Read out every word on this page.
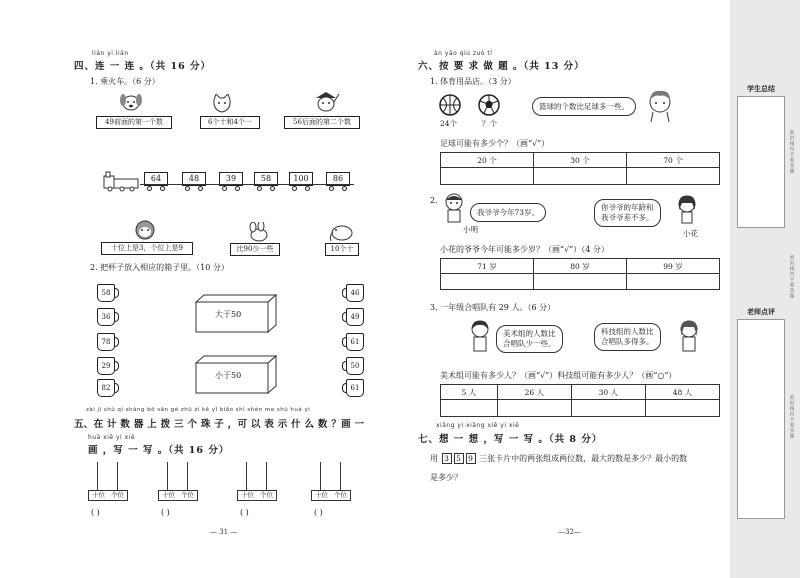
lián yi lián
四、连 一 连 。（共 16 分）
1. 乘火车。（6 分）
49前面的第一个数	6个十和4个一	56后面的第二个数
64	48	39	58	100	86
十位上是3，个位上是9	比90少一些	10个十
2. 把杯子放入相应的箱子里。（10 分）
58
36
78
29
82
大于50
小于50
46
49
61
50
61
zài jì shù qì shàng bō sān gè zhū zi kě yǐ biǎo shì shén me shù huà yi
五、在 计 数 器 上 拨 三 个 珠 子 ，可 以 表 示 什 么 数 ？画 一
huà xiě yi xiě
画 ，写 一 写 。（共 16 分）
十位 个位
( )
十位 个位
( )
十位 个位
( )
十位 个位
( )
— 31 —
àn yāo qiú zuò tí
六、按 要 求 做 题 。（共 13 分）
1. 体育用品店。（3 分）
24个	？个
篮球的个数比足球多一些。
足球可能有多少个？（画“√”）
20 个	30 个	70 个

2.
我爷爷今年73岁。
小明
你爷爷的年龄和
我爷爷差不多。
小花
小花的爷爷今年可能多少岁？（画“√”）（4 分）
71 岁	80 岁	99 岁

3. 一年级合唱队有 29 人。（6 分）
美术组的人数比
合唱队少一些。
科技组的人数比
合唱队多得多。
美术组可能有多少人？（画“√”）科技组可能有多少人？（画“○”）
5 人	26 人	30 人	48 人

xiǎng yi xiǎng xiě yi xiě
七、想 一 想 ，写 一 写 。（共 8 分）
用 3 5 9 三张卡片中的两张组成两位数，最大的数是多少？最小的数
是多少？
—32—
学生总结
老师点评
密封线内不要答题
密封线内不要答题
密封线内不要答题
